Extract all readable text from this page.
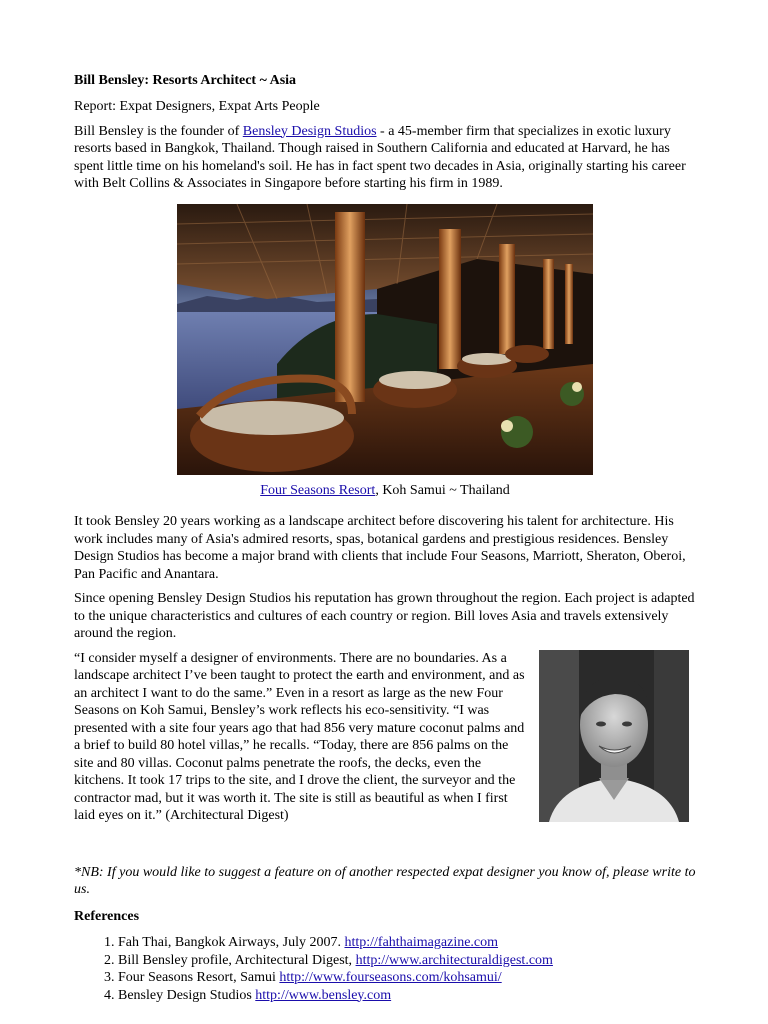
Bill Bensley: Resorts Architect ~ Asia

Report: Expat Designers, Expat Arts People

Bill Bensley is the founder of Bensley Design Studios - a 45-member firm that specializes in exotic luxury resorts based in Bangkok, Thailand. Though raised in Southern California and educated at Harvard, he has spent little time on his homeland's soil. He has in fact spent two decades in Asia, originally starting his career with Belt Collins & Associates in Singapore before starting his firm in 1989.

Four Seasons Resort, Koh Samui ~ Thailand

It took Bensley 20 years working as a landscape architect before discovering his talent for architecture. His work includes many of Asia's admired resorts, spas, botanical gardens and prestigious residences. Bensley Design Studios has become a major brand with clients that include Four Seasons, Marriott, Sheraton, Oberoi, Pan Pacific and Anantara.

Since opening Bensley Design Studios his reputation has grown throughout the region. Each project is adapted to the unique characteristics and cultures of each country or region. Bill loves Asia and travels extensively around the region.

“I consider myself a designer of environments. There are no boundaries. As a landscape architect I’ve been taught to protect the earth and environment, and as an architect I want to do the same.” Even in a resort as large as the new Four Seasons on Koh Samui, Bensley’s work reflects his eco-sensitivity. “I was presented with a site four years ago that had 856 very mature coconut palms and a brief to build 80 hotel villas,” he recalls. “Today, there are 856 palms on the site and 80 villas. Coconut palms penetrate the roofs, the decks, even the kitchens. It took 17 trips to the site, and I drove the client, the surveyor and the contractor mad, but it was worth it. The site is still as beautiful as when I first laid eyes on it.” (Architectural Digest)

*NB: If you would like to suggest a feature on of another respected expat designer you know of, please write to us.

References

1. Fah Thai, Bangkok Airways, July 2007. http://fahthaimagazine.com
2. Bill Bensley profile, Architectural Digest, http://www.architecturaldigest.com
3. Four Seasons Resort, Samui http://www.fourseasons.com/kohsamui/
4. Bensley Design Studios http://www.bensley.com
